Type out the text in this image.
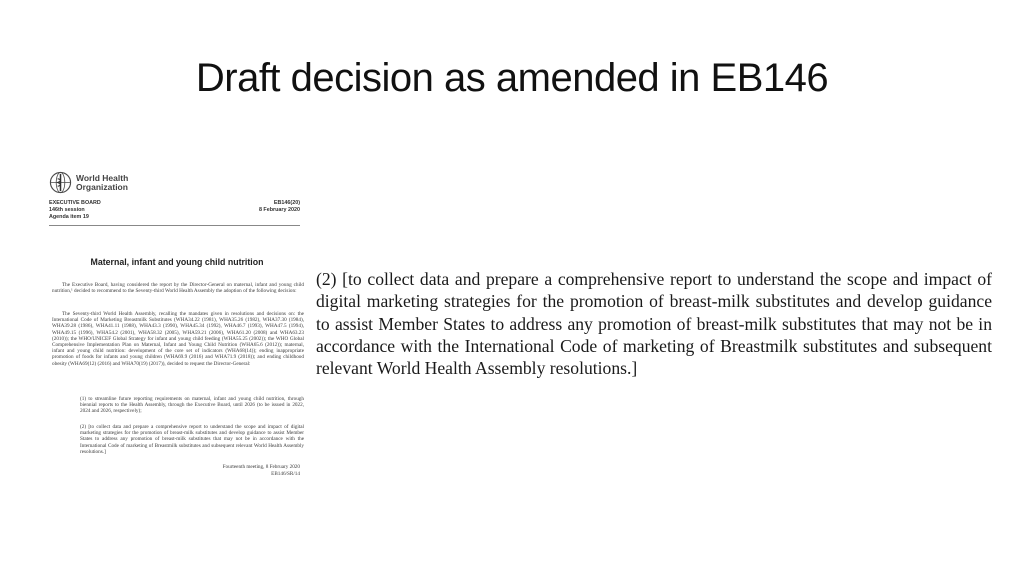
Draft decision as amended in EB146
World Health
Organization
EXECUTIVE BOARD
146th session
Agenda item 19
EB146(20)
8 February 2020
Maternal, infant and young child nutrition

The Executive Board, having considered the report by the Director-General on maternal, infant and young child nutrition,¹ decided to recommend to the Seventy-third World Health Assembly the adoption of the following decision:

The Seventy-third World Health Assembly, recalling the mandates given in resolutions and decisions on: the International Code of Marketing Breastmilk Substitutes (WHA34.22 (1981), WHA35.26 (1982), WHA37.30 (1984), WHA39.28 (1986), WHA41.11 (1988), WHA43.3 (1990), WHA45.34 (1992), WHA46.7 (1993), WHA47.5 (1994), WHA49.15 (1996), WHA54.2 (2001), WHA58.32 (2005), WHA59.21 (2006), WHA61.20 (2008) and WHA63.23 (2010)); the WHO/UNICEF Global Strategy for infant and young child feeding (WHA55.25 (2002)); the WHO Global Comprehensive Implementation Plan on Maternal, Infant and Young Child Nutrition (WHA65.6 (2012)); maternal, infant and young child nutrition: development of the core set of indicators (WHA68(14)); ending inappropriate promotion of foods for infants and young children (WHA69.9 (2016) and WHA71.9 (2018)); and ending childhood obesity (WHA69(12) (2016) and WHA70(19) (2017)), decided to request the Director-General:

(1) to streamline future reporting requirements on maternal, infant and young child nutrition, through biennial reports to the Health Assembly, through the Executive Board, until 2026 (to be issued in 2022, 2024 and 2026, respectively);

(2) [to collect data and prepare a comprehensive report to understand the scope and impact of digital marketing strategies for the promotion of breast-milk substitutes and develop guidance to assist Member States to address any promotion of breast-milk substitutes that may not be in accordance with the International Code of marketing of Breastmilk substitutes and subsequent relevant World Health Assembly resolutions.]

Fourteenth meeting, 8 February 2020
EB146/SR/14

(2) [to collect data and prepare a comprehensive report to understand the scope and impact of digital marketing strategies for the promotion of breast-milk substitutes and develop guidance to assist Member States to address any promotion of breast-milk substitutes that may not be in accordance with the International Code of marketing of Breastmilk substitutes and subsequent relevant World Health Assembly resolutions.]
